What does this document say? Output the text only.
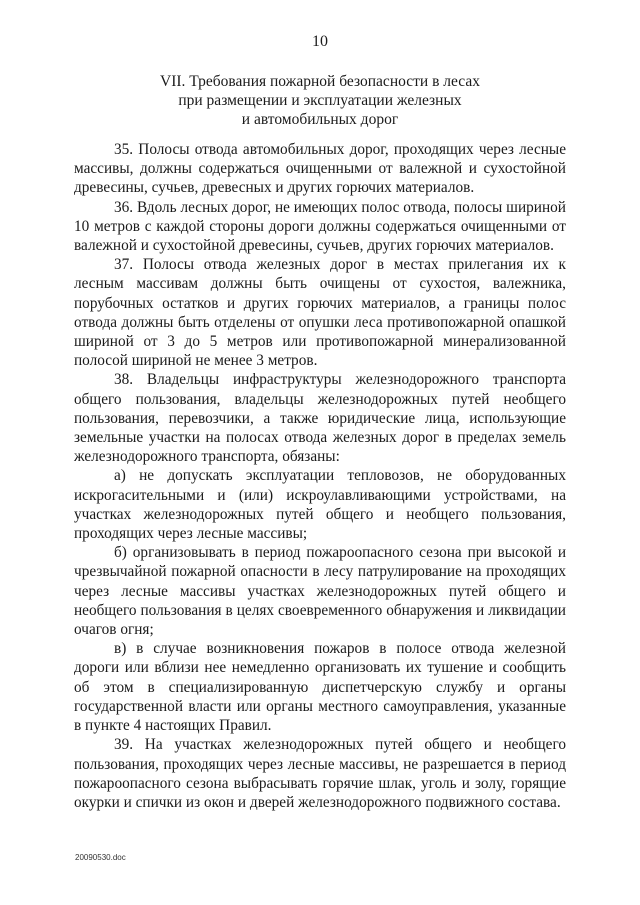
10
VII. Требования пожарной безопасности в лесах
при размещении и эксплуатации железных
и автомобильных дорог

35. Полосы отвода автомобильных дорог, проходящих через лесные массивы, должны содержаться очищенными от валежной и сухостойной древесины, сучьев, древесных и других горючих материалов.

36. Вдоль лесных дорог, не имеющих полос отвода, полосы шириной 10 метров с каждой стороны дороги должны содержаться очищенными от валежной и сухостойной древесины, сучьев, других горючих материалов.

37. Полосы отвода железных дорог в местах прилегания их к лесным массивам должны быть очищены от сухостоя, валежника, порубочных остатков и других горючих материалов, а границы полос отвода должны быть отделены от опушки леса противопожарной опашкой шириной от 3 до 5 метров или противопожарной минерализованной полосой шириной не менее 3 метров.

38. Владельцы инфраструктуры железнодорожного транспорта общего пользования, владельцы железнодорожных путей необщего пользования, перевозчики, а также юридические лица, использующие земельные участки на полосах отвода железных дорог в пределах земель железнодорожного транспорта, обязаны:

а) не допускать эксплуатации тепловозов, не оборудованных искрогасительными и (или) искроулавливающими устройствами, на участках железнодорожных путей общего и необщего пользования, проходящих через лесные массивы;

б) организовывать в период пожароопасного сезона при высокой и чрезвычайной пожарной опасности в лесу патрулирование на проходящих через лесные массивы участках железнодорожных путей общего и необщего пользования в целях своевременного обнаружения и ликвидации очагов огня;

в) в случае возникновения пожаров в полосе отвода железной дороги или вблизи нее немедленно организовать их тушение и сообщить об этом в специализированную диспетчерскую службу и органы государственной власти или органы местного самоуправления, указанные в пункте 4 настоящих Правил.

39. На участках железнодорожных путей общего и необщего пользования, проходящих через лесные массивы, не разрешается в период пожароопасного сезона выбрасывать горячие шлак, уголь и золу, горящие окурки и спички из окон и дверей железнодорожного подвижного состава.

20090530.doc
